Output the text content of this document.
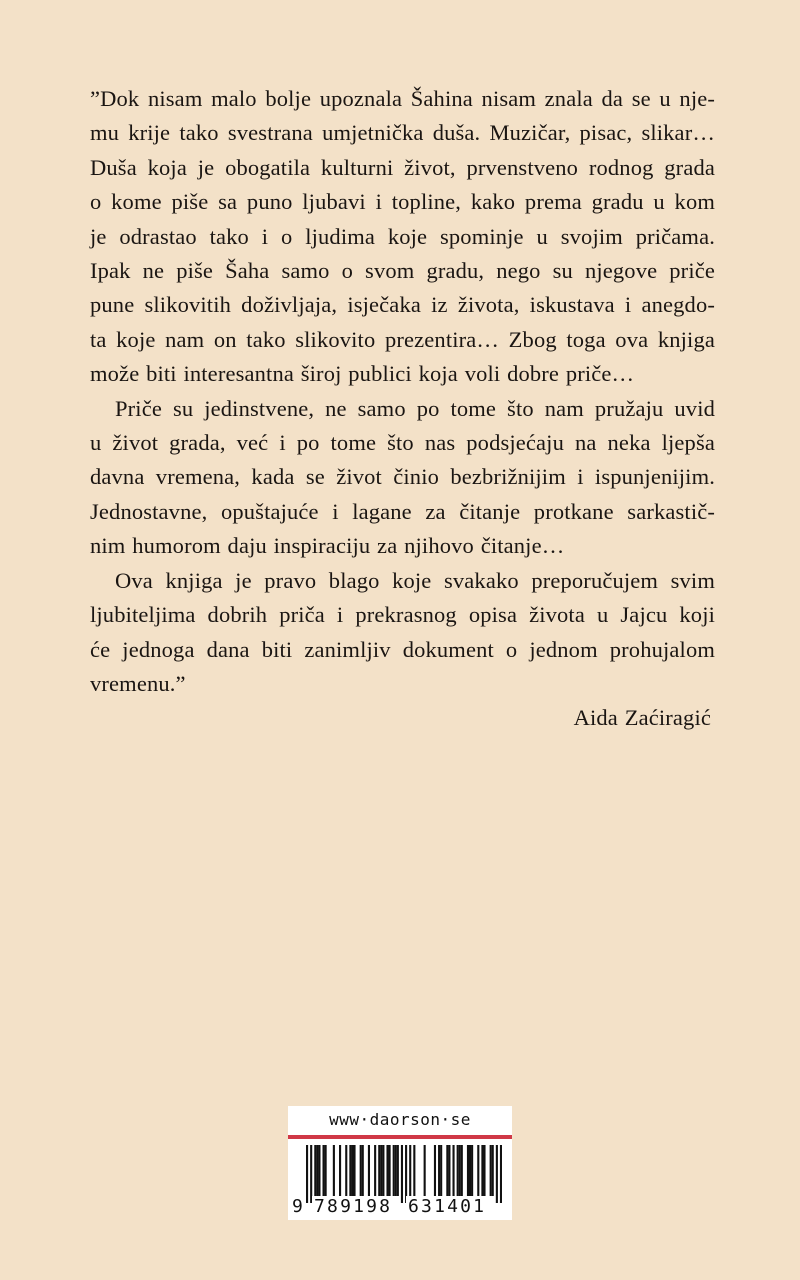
”Dok nisam malo bolje upoznala Šahina nisam znala da se u nje-
mu krije tako svestrana umjetnička duša. Muzičar, pisac, slikar…
Duša koja je obogatila kulturni život, prvenstveno rodnog grada
o kome piše sa puno ljubavi i topline, kako prema gradu u kom
je odrastao tako i o ljudima koje spominje u svojim pričama.
Ipak ne piše Šaha samo o svom gradu, nego su njegove priče
pune slikovitih doživljaja, isječaka iz života, iskustava i anegdo-
ta koje nam on tako slikovito prezentira… Zbog toga ova knjiga
može biti interesantna široj publici koja voli dobre priče…
Priče su jedinstvene, ne samo po tome što nam pružaju uvid
u život grada, već i po tome što nas podsjećaju na neka ljepša
davna vremena, kada se život činio bezbrižnijim i ispunjenijim.
Jednostavne, opuštajuće i lagane za čitanje protkane sarkastič-
nim humorom daju inspiraciju za njihovo čitanje…
Ova knjiga je pravo blago koje svakako preporučujem svim
ljubiteljima dobrih priča i prekrasnog opisa života u Jajcu koji
će jednoga dana biti zanimljiv dokument o jednom prohujalom
vremenu.”
Aida Zaćiragić
www·daorson·se
9 789198 631401
